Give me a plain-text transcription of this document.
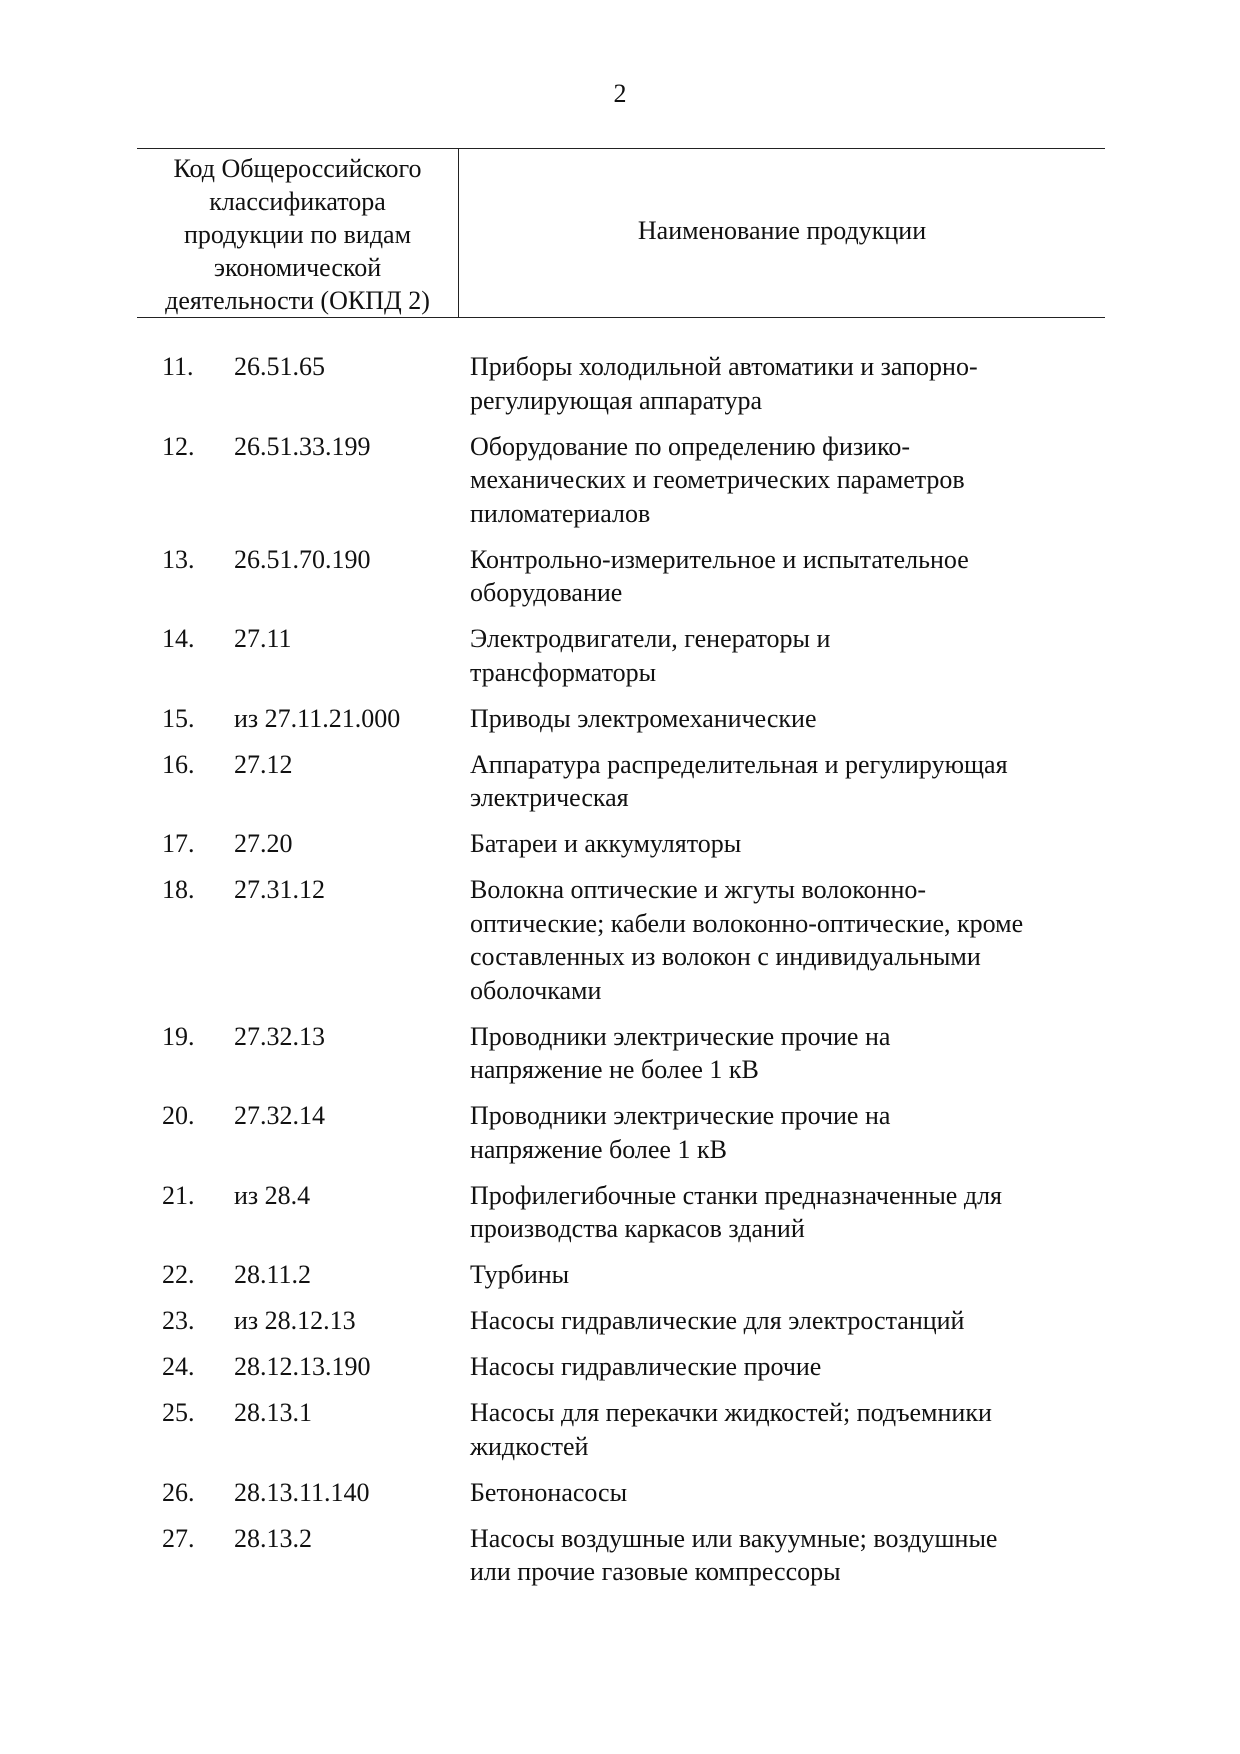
2
Код Общероссийского
классификатора
продукции по видам
экономической
деятельности (ОКПД 2)
Наименование продукции
11.	26.51.65	Приборы холодильной автоматики и запорно-
регулирующая аппаратура
12.	26.51.33.199	Оборудование по определению физико-
механических и геометрических параметров
пиломатериалов
13.	26.51.70.190	Контрольно-измерительное и испытательное
оборудование
14.	27.11	Электродвигатели, генераторы и
трансформаторы
15.	из 27.11.21.000	Приводы электромеханические
16.	27.12	Аппаратура распределительная и регулирующая
электрическая
17.	27.20	Батареи и аккумуляторы
18.	27.31.12	Волокна оптические и жгуты волоконно-
оптические; кабели волоконно-оптические, кроме
составленных из волокон с индивидуальными
оболочками
19.	27.32.13	Проводники электрические прочие на
напряжение не более 1 кВ
20.	27.32.14	Проводники электрические прочие на
напряжение более 1 кВ
21.	из 28.4	Профилегибочные станки предназначенные для
производства каркасов зданий
22.	28.11.2	Турбины
23.	из 28.12.13	Насосы гидравлические для электростанций
24.	28.12.13.190	Насосы гидравлические прочие
25.	28.13.1	Насосы для перекачки жидкостей; подъемники
жидкостей
26.	28.13.11.140	Бетононасосы
27.	28.13.2	Насосы воздушные или вакуумные; воздушные
или прочие газовые компрессоры
